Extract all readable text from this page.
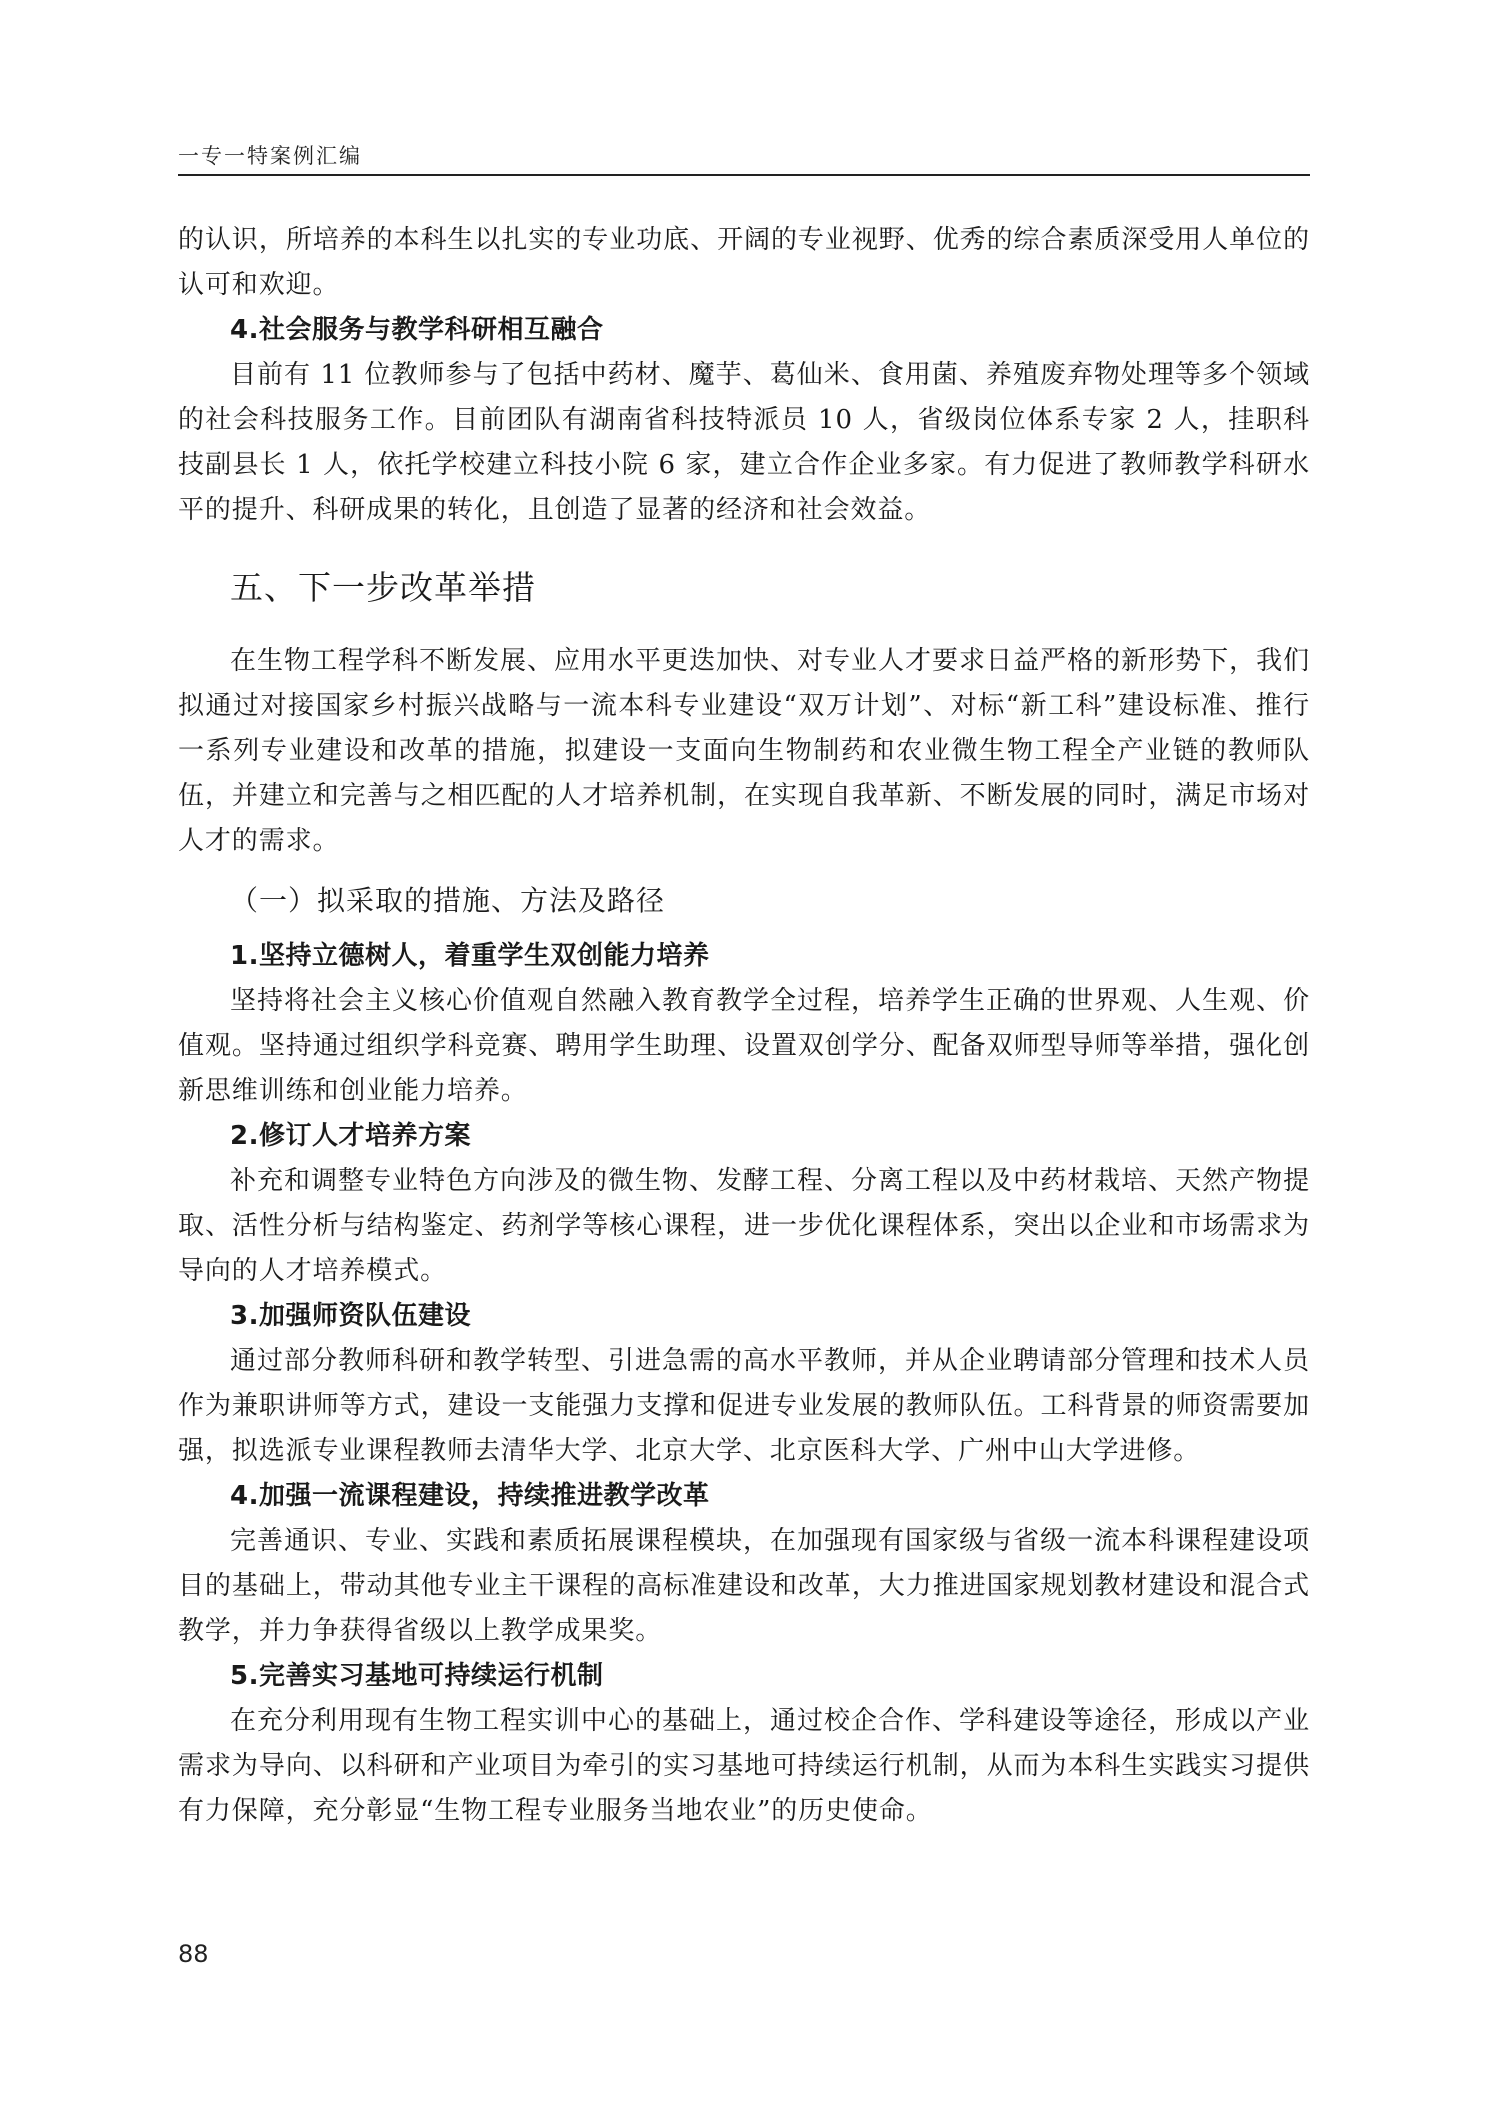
一专一特案例汇编

的认识，所培养的本科生以扎实的专业功底、开阔的专业视野、优秀的综合素质深受用人单位的认可和欢迎。

4.社会服务与教学科研相互融合

目前有 11 位教师参与了包括中药材、魔芋、葛仙米、食用菌、养殖废弃物处理等多个领域的社会科技服务工作。目前团队有湖南省科技特派员 10 人，省级岗位体系专家 2 人，挂职科技副县长 1 人，依托学校建立科技小院 6 家，建立合作企业多家。有力促进了教师教学科研水平的提升、科研成果的转化，且创造了显著的经济和社会效益。

五、下一步改革举措

在生物工程学科不断发展、应用水平更迭加快、对专业人才要求日益严格的新形势下，我们拟通过对接国家乡村振兴战略与一流本科专业建设“双万计划”、对标“新工科”建设标准、推行一系列专业建设和改革的措施，拟建设一支面向生物制药和农业微生物工程全产业链的教师队伍，并建立和完善与之相匹配的人才培养机制，在实现自我革新、不断发展的同时，满足市场对人才的需求。

（一）拟采取的措施、方法及路径

1.坚持立德树人，着重学生双创能力培养

坚持将社会主义核心价值观自然融入教育教学全过程，培养学生正确的世界观、人生观、价值观。坚持通过组织学科竞赛、聘用学生助理、设置双创学分、配备双师型导师等举措，强化创新思维训练和创业能力培养。

2.修订人才培养方案

补充和调整专业特色方向涉及的微生物、发酵工程、分离工程以及中药材栽培、天然产物提取、活性分析与结构鉴定、药剂学等核心课程，进一步优化课程体系，突出以企业和市场需求为导向的人才培养模式。

3.加强师资队伍建设

通过部分教师科研和教学转型、引进急需的高水平教师，并从企业聘请部分管理和技术人员作为兼职讲师等方式，建设一支能强力支撑和促进专业发展的教师队伍。工科背景的师资需要加强，拟选派专业课程教师去清华大学、北京大学、北京医科大学、广州中山大学进修。

4.加强一流课程建设，持续推进教学改革

完善通识、专业、实践和素质拓展课程模块，在加强现有国家级与省级一流本科课程建设项目的基础上，带动其他专业主干课程的高标准建设和改革，大力推进国家规划教材建设和混合式教学，并力争获得省级以上教学成果奖。

5.完善实习基地可持续运行机制

在充分利用现有生物工程实训中心的基础上，通过校企合作、学科建设等途径，形成以产业需求为导向、以科研和产业项目为牵引的实习基地可持续运行机制，从而为本科生实践实习提供有力保障，充分彰显“生物工程专业服务当地农业”的历史使命。

88
